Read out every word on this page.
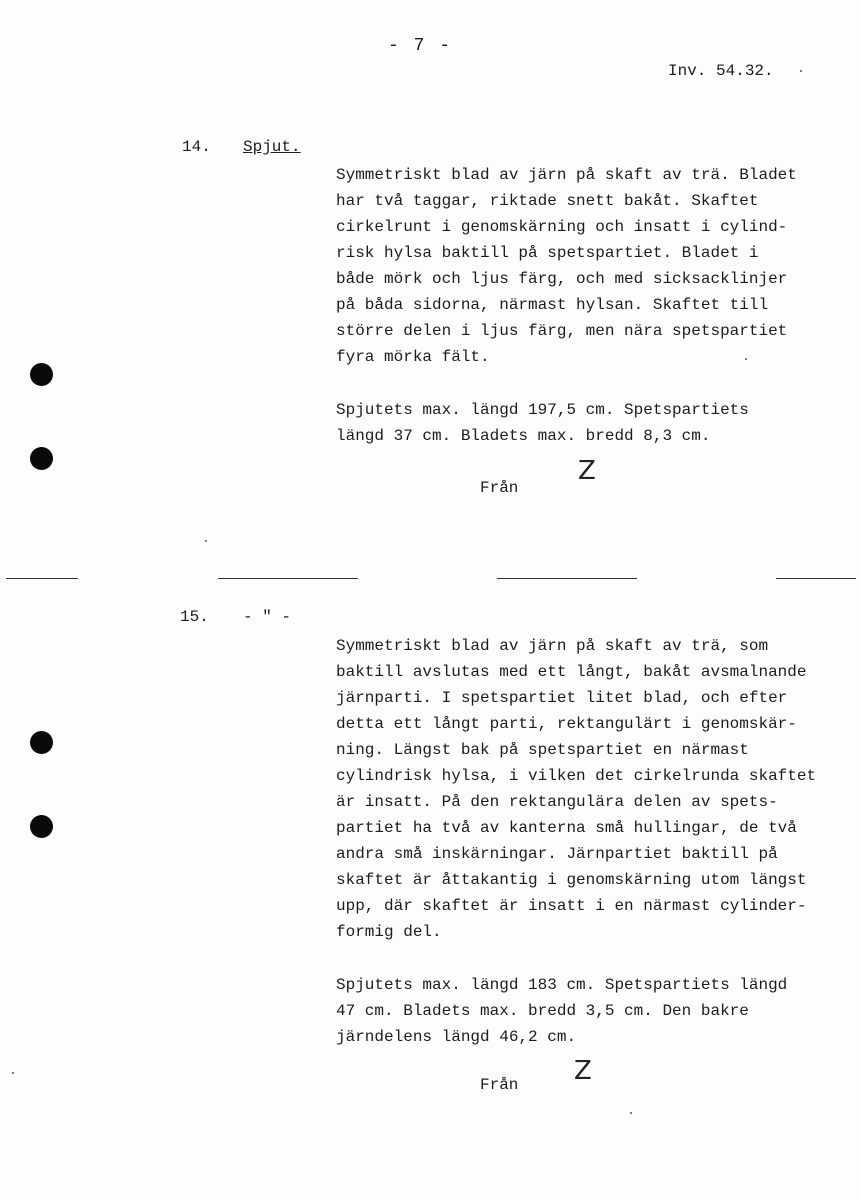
- 7 -
Inv. 54.32.
14. Spjut.
Symmetriskt blad av järn på skaft av trä. Bladet
har två taggar, riktade snett bakåt. Skaftet
cirkelrunt i genomskärning och insatt i cylind-
risk hylsa baktill på spetspartiet. Bladet i
både mörk och ljus färg, och med sicksacklinjer
på båda sidorna, närmast hylsan. Skaftet till
större delen i ljus färg, men nära spetspartiet
fyra mörka fält.
Spjutets max. längd 197,5 cm. Spetspartiets
längd 37 cm. Bladets max. bredd 8,3 cm.
Från
Z
15. - " -
Symmetriskt blad av järn på skaft av trä, som
baktill avslutas med ett långt, bakåt avsmalnande
järnparti. I spetspartiet litet blad, och efter
detta ett långt parti, rektangulärt i genomskär-
ning. Längst bak på spetspartiet en närmast
cylindrisk hylsa, i vilken det cirkelrunda skaftet
är insatt. På den rektangulära delen av spets-
partiet ha två av kanterna små hullingar, de två
andra små inskärningar. Järnpartiet baktill på
skaftet är åttakantig i genomskärning utom längst
upp, där skaftet är insatt i en närmast cylinder-
formig del.
Spjutets max. längd 183 cm. Spetspartiets längd
47 cm. Bladets max. bredd 3,5 cm. Den bakre
järndelens längd 46,2 cm.
Från Z
